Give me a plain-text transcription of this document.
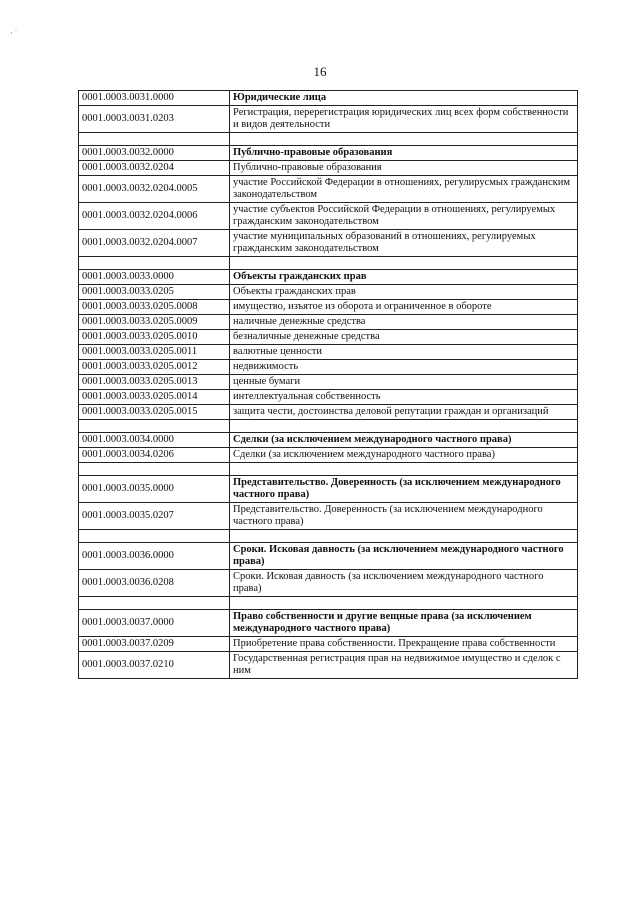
‚ ·
16
0001.0003.0031.0000	Юридические лица
0001.0003.0031.0203	Регистрация, перерегистрация юридических лиц всех форм собственности и видов деятельности

0001.0003.0032.0000	Публично-правовые образования
0001.0003.0032.0204	Публично-правовые образования
0001.0003.0032.0204.0005	участие Российской Федерации в отношениях, регулирусмых гражданским законодательством
0001.0003.0032.0204.0006	участие субъектов Российской Федерации в отношениях, регулируемых гражданским законодательством
0001.0003.0032.0204.0007	участие муниципальных образований в отношениях, регулируемых гражданским законодательством

0001.0003.0033.0000	Объекты гражданских прав
0001.0003.0033.0205	Объекты гражданских прав
0001.0003.0033.0205.0008	имущество, изъятое из оборота и ограниченное в обороте
0001.0003.0033.0205.0009	наличные денежные средства
0001.0003.0033.0205.0010	безналичные денежные средства
0001.0003.0033.0205.0011	валютные ценности
0001.0003.0033.0205.0012	недвижимость
0001.0003.0033.0205.0013	ценные бумаги
0001.0003.0033.0205.0014	интеллектуальная собственность
0001.0003.0033.0205.0015	защита чести, достоинства деловой репутации граждан и организаций

0001.0003.0034.0000	Сделки (за исключением международного частного права)
0001.0003.0034.0206	Сделки (за исключением международного частного права)

0001.0003.0035.0000	Представительство. Доверенность (за исключением международного частного права)
0001.0003.0035.0207	Представительство. Доверенность (за исключением международного частного права)

0001.0003.0036.0000	Сроки. Исковая давность (за исключением международного частного права)
0001.0003.0036.0208	Сроки. Исковая давность (за исключением международного частного права)

0001.0003.0037.0000	Право собственности и другие вещные права (за исключением международного частного права)
0001.0003.0037.0209	Приобретение права собственности. Прекращение права собственности
0001.0003.0037.0210	Государственная регистрация прав на недвижимое имущество и сделок с ним
